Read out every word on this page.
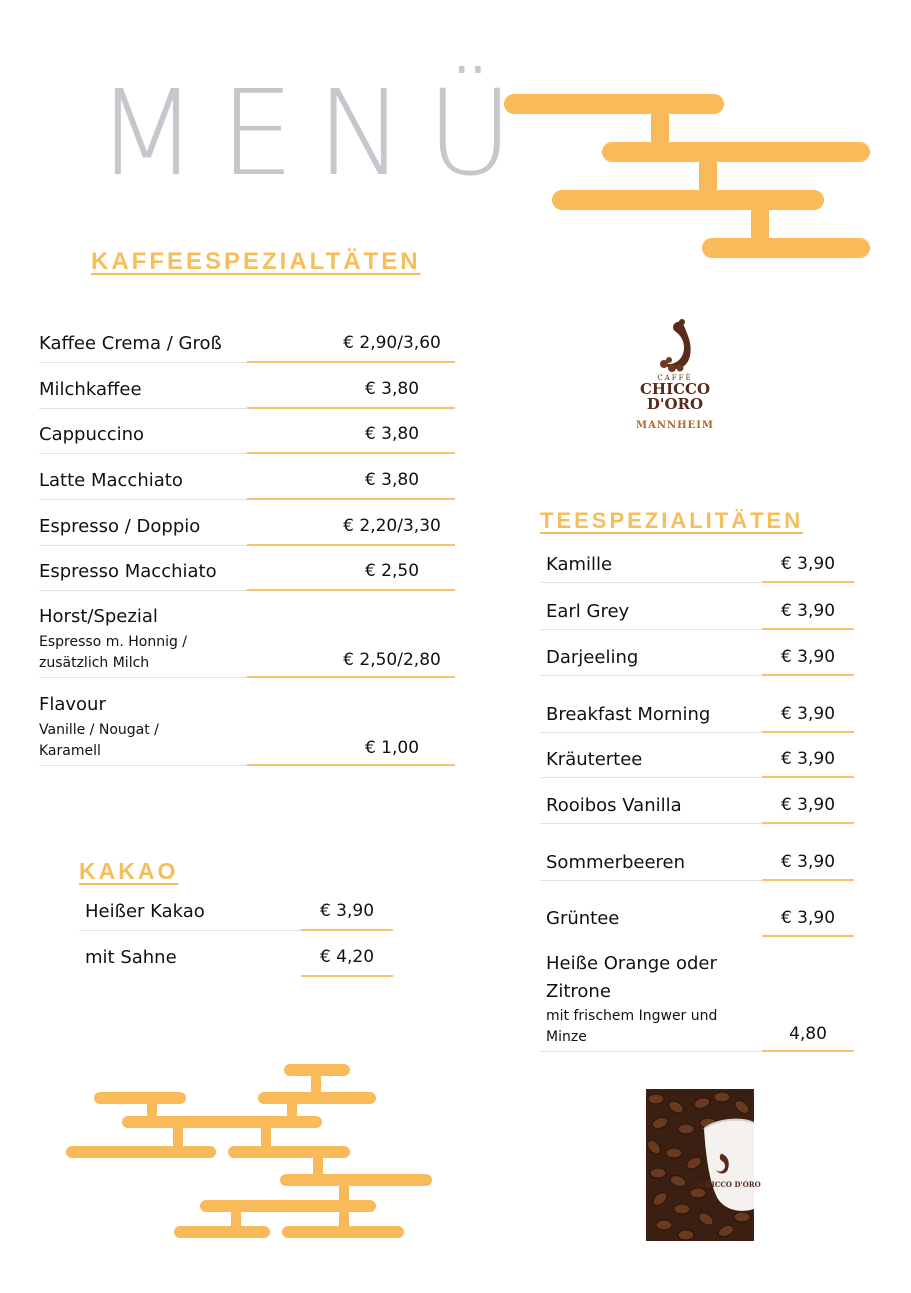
MENÜ
KAFFEESPEZIALTÄTEN
Kaffee Crema / Groß	€ 2,90/3,60
Milchkaffee	€ 3,80
Cappuccino	€ 3,80
Latte Macchiato	€ 3,80
Espresso / Doppio	€ 2,20/3,30
Espresso Macchiato	€ 2,50
Horst/Spezial
Espresso m. Honnig /
zusätzlich Milch	€ 2,50/2,80
Flavour
Vanille / Nougat /
Karamell	€ 1,00
KAKAO
Heißer Kakao	€ 3,90
mit Sahne	€ 4,20
CAFFÈ
CHICCO
D'ORO
MANNHEIM
TEESPEZIALITÄTEN
Kamille	€ 3,90
Earl Grey	€ 3,90
Darjeeling	€ 3,90
Breakfast Morning	€ 3,90
Kräutertee	€ 3,90
Rooibos Vanilla	€ 3,90
Sommerbeeren	€ 3,90
Grüntee	€ 3,90
Heiße Orange oder
Zitrone
mit frischem Ingwer und
Minze	4,80
CHICCO D'ORO
